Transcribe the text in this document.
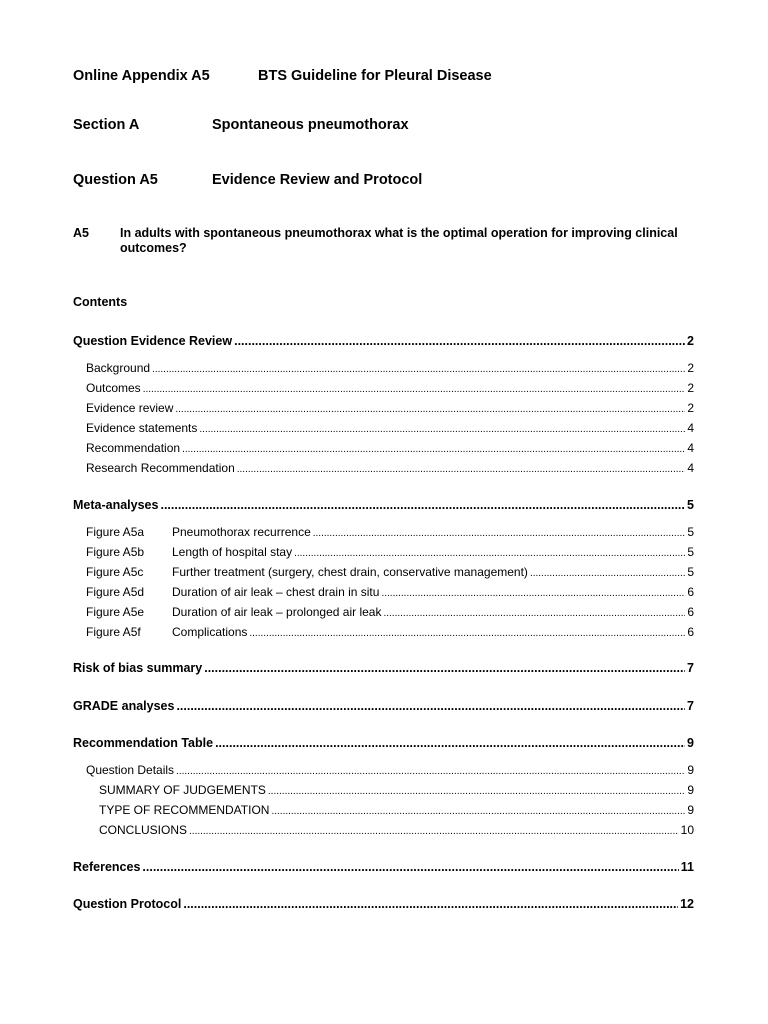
Online Appendix A5	BTS Guideline for Pleural Disease
Section A	Spontaneous pneumothorax
Question A5	Evidence Review and Protocol
A5 In adults with spontaneous pneumothorax what is the optimal operation for improving clinical outcomes?
Contents
Question Evidence Review .....	2
Background .....	2
Outcomes .....	2
Evidence review .....	2
Evidence statements .....	4
Recommendation .....	4
Research Recommendation .....	4
Meta-analyses .....	5
Figure A5a	Pneumothorax recurrence .....	5
Figure A5b	Length of hospital stay .....	5
Figure A5c	Further treatment (surgery, chest drain, conservative management) .....	5
Figure A5d	Duration of air leak – chest drain in situ .....	6
Figure A5e	Duration of air leak – prolonged air leak .....	6
Figure A5f	Complications .....	6
Risk of bias summary .....	7
GRADE analyses .....	7
Recommendation Table .....	9
Question Details .....	9
SUMMARY OF JUDGEMENTS .....	9
TYPE OF RECOMMENDATION .....	9
CONCLUSIONS .....	10
References .....	11
Question Protocol .....	12
